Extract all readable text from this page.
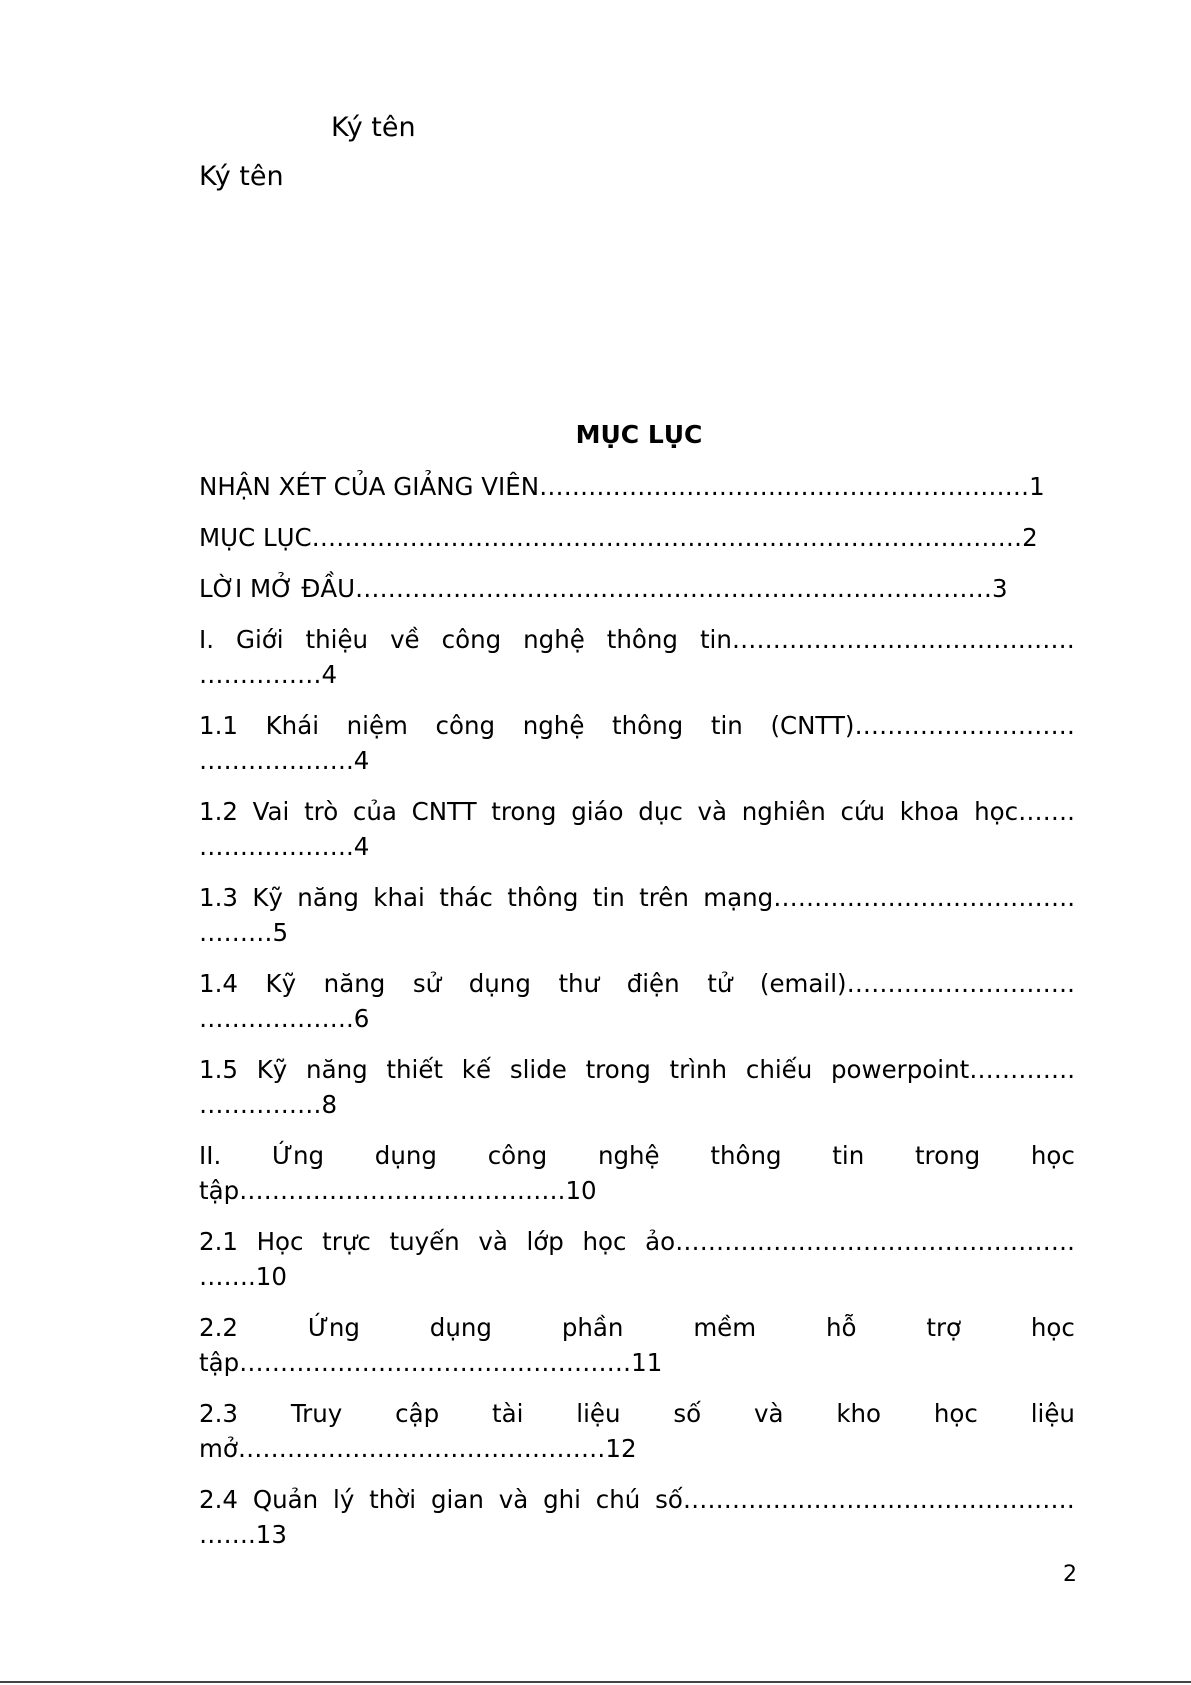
Ký tên
Ký tên
MỤC LỤC
NHẬN XÉT CỦA GIẢNG VIÊN……………………………………………………1
MỤC LỤC……………………………………………………………………………2
LỜI MỞ ĐẦU……………………………………………………………………3
I. Giới thiệu về công nghệ thông tin……………………………………
……………4
1.1 Khái niệm công nghệ thông tin (CNTT)………………………
……………….4
1.2 Vai trò của CNTT trong giáo dục và nghiên cứu khoa học…….
……………….4
1.3 Kỹ năng khai thác thông tin trên mạng……………………………….
………5
1.4 Kỹ năng sử dụng thư điện tử (email)……………………….
……………….6
1.5 Kỹ năng thiết kế slide trong trình chiếu powerpoint………….
……………8
II. Ứng dụng công nghệ thông tin trong học
tập………………………………….10
2.1 Học trực tuyến và lớp học ảo………………………………………….
…….10
2.2	Ứng	dụng	phần	mềm	hỗ	trợ	học
tập…………………………………………11
2.3 Truy cập tài liệu số và kho học liệu
mở………………………………………12
2.4 Quản lý thời gian và ghi chú số…………………………………………
…….13
2
